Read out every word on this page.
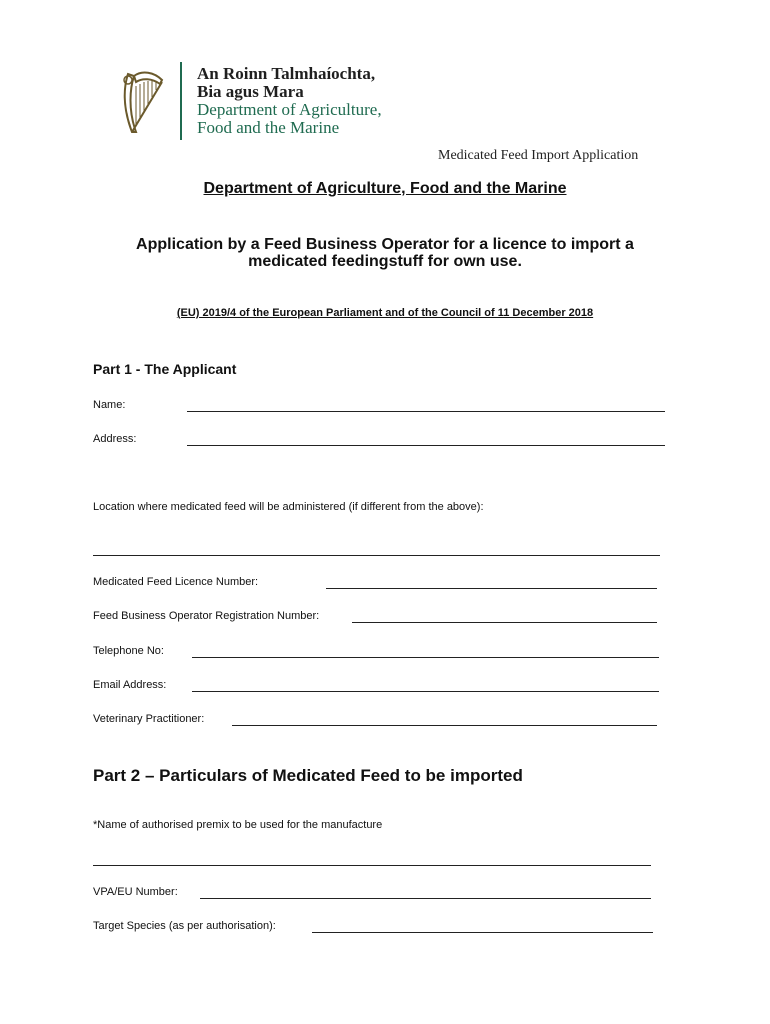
An Roinn Talmhaíochta,
Bia agus Mara
Department of Agriculture,
Food and the Marine
Medicated Feed Import Application
Department of Agriculture, Food and the Marine
Application by a Feed Business Operator for a licence to import a
medicated feedingstuff for own use.
(EU) 2019/4 of the European Parliament and of the Council of 11 December 2018
Part 1 - The Applicant
Name:
Address:
Location where medicated feed will be administered (if different from the above):
Medicated Feed Licence Number:
Feed Business Operator Registration Number:
Telephone No:
Email Address:
Veterinary Practitioner:
Part 2 – Particulars of Medicated Feed to be imported
*Name of authorised premix to be used for the manufacture
VPA/EU Number:
Target Species (as per authorisation):
